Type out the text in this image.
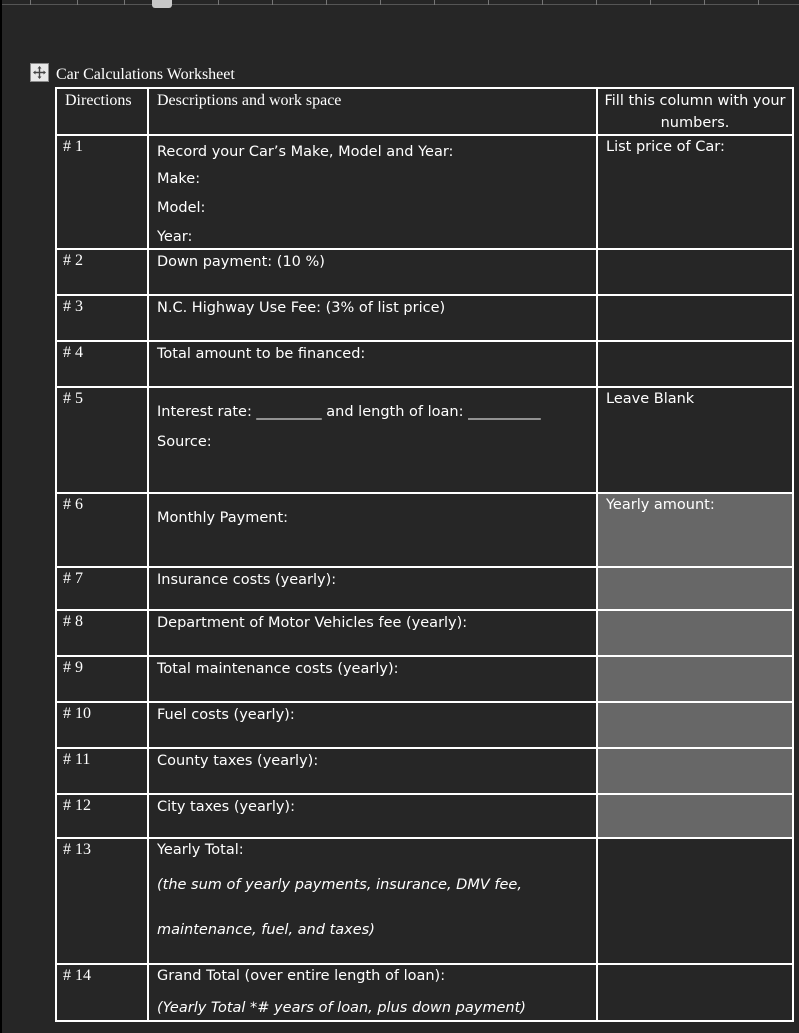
Car Calculations Worksheet
Directions	Descriptions and work space	Fill this column with your numbers.

# 1	Record your Car’s Make, Model and Year:
Make:
Model:
Year:	List price of Car:

# 2	Down payment: (10 %)	

# 3	N.C. Highway Use Fee: (3% of list price)	

# 4	Total amount to be financed:	

# 5	Interest rate: _________ and length of loan: __________
Source:	Leave Blank

# 6	Monthly Payment:	Yearly amount:

# 7	Insurance costs (yearly):	

# 8	Department of Motor Vehicles fee (yearly):	

# 9	Total maintenance costs (yearly):	

# 10	Fuel costs (yearly):	

# 11	County taxes (yearly):	

# 12	City taxes (yearly):	

# 13	Yearly Total:
(the sum of yearly payments, insurance, DMV fee,
maintenance, fuel, and taxes)	

# 14	Grand Total (over entire length of loan):
(Yearly Total *# years of loan, plus down payment)	
